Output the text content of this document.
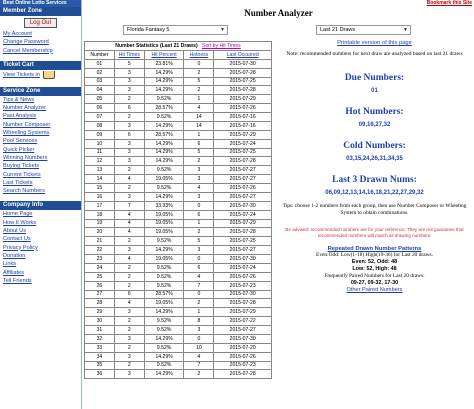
Best Online Lotto Services
Member Zone
Log Out
My Account
Change Password
Cancel Membership
Ticket Cart
View Tickets in
Service Zone
Tips & News
Number Analyzer
Past Analysis
Number Composer
Wheeling Systems
Pool Services
Quick Picker
Winning Numbers
Buying Tickets
Current Tickets
Last Tickets
Search Numbers
Company Info
Home Page
How It Works
About Us
Contact Us
Privacy Policy
Donation
Links
Affiliates
Tell Friends
Bookmark this Site
Number Analyzer
Florida Fantasy 5	▼	Last 21 Draws	▼
Number Statistics (Last 21 Draws) Sort by Hit Times				
Number	Hit Times	Hit Percent	Hotness	Last Occurred
01	5	23.81%	0	2015-07-30
02	3	14.29%	2	2015-07-28
03	3	14.29%	5	2015-07-25
04	3	14.29%	2	2015-07-28
05	2	9.52%	1	2015-07-29
06	6	28.57%	4	2015-07-26
07	2	9.52%	14	2015-07-16
08	3	14.29%	14	2015-07-16
09	6	28.57%	1	2015-07-29
10	3	14.29%	6	2015-07-24
11	3	14.29%	5	2015-07-25
12	3	14.29%	2	2015-07-28
13	2	9.52%	3	2015-07-27
14	4	19.05%	3	2015-07-27
15	2	9.52%	4	2015-07-26
16	3	14.29%	3	2015-07-27
17	7	33.33%	0	2015-07-30
18	4	19.05%	6	2015-07-24
19	4	19.05%	1	2015-07-29
20	4	19.05%	2	2015-07-28
21	2	9.52%	5	2015-07-25
22	3	14.29%	3	2015-07-27
23	4	19.05%	0	2015-07-30
24	2	9.52%	6	2015-07-24
25	2	9.52%	4	2015-07-26
26	2	9.52%	7	2015-07-23
27	6	28.57%	0	2015-07-30
28	4	19.05%	2	2015-07-28
29	3	14.29%	1	2015-07-29
30	2	9.52%	8	2015-07-22
31	2	9.52%	3	2015-07-27
32	3	14.29%	0	2015-07-30
33	2	9.52%	10	2015-07-20
34	3	14.29%	4	2015-07-26
35	2	9.52%	7	2015-07-23
36	3	14.29%	2	2015-07-28
Printable version of this page
Note: recommended numbers for next draw are analyzed based on last 21 draws
Due Numbers:
01
Hot Numbers:
09,16,27,32
Cold Numbers:
03,15,24,26,31,34,35
Last 3 Drawn Nums:
06,09,12,13,14,16,18,21,22,27,29,32
Tips: choose 1-2 numbers from each group, then use Number Composer or Wheeling System to obtain combinations.
Be advised: recommended numbers are for your reference. They are not guarantee that recommended numbers will match all drawing numbers.
Repeated Drawn Number Patterns
Even:Odd: Low(1-18) High(19-36) for Last 20 draws.
Even: 52, Odd: 48
Low: 52, High: 48
Frequently Paired Numbers for Last 20 draws:
09-27, 09-32, 17-30
Other Paired Numbers
